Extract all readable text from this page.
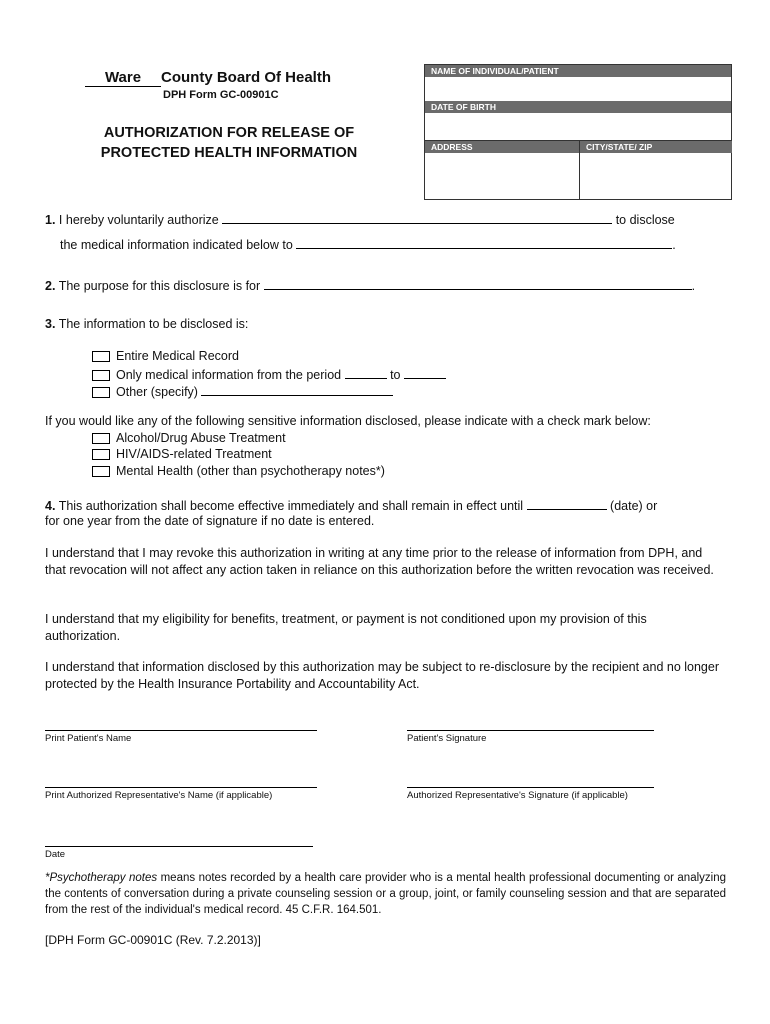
Ware County Board Of Health
DPH Form GC-00901C
AUTHORIZATION FOR RELEASE OF
PROTECTED HEALTH INFORMATION
NAME OF INDIVIDUAL/PATIENT
DATE OF BIRTH
ADDRESS	CITY/STATE/ ZIP
1. I hereby voluntarily authorize	to disclose
the medical information indicated below to	.
2. The purpose for this disclosure is for	.
3. The information to be disclosed is:
Entire Medical Record
Only medical information from the period	to
Other (specify)
If you would like any of the following sensitive information disclosed, please indicate with a check mark below:
Alcohol/Drug Abuse Treatment
HIV/AIDS-related Treatment
Mental Health (other than psychotherapy notes*)
4. This authorization shall become effective immediately and shall remain in effect until	(date) or
for one year from the date of signature if no date is entered.
I understand that I may revoke this authorization in writing at any time prior to the release of information from DPH, and that revocation will not affect any action taken in reliance on this authorization before the written revocation was received.
I understand that my eligibility for benefits, treatment, or payment is not conditioned upon my provision of this authorization.
I understand that information disclosed by this authorization may be subject to re-disclosure by the recipient and no longer protected by the Health Insurance Portability and Accountability Act.
Print Patient's Name	Patient's Signature
Print Authorized Representative's Name (if applicable)	Authorized Representative's Signature (if applicable)
Date
*Psychotherapy notes means notes recorded by a health care provider who is a mental health professional documenting or analyzing the contents of conversation during a private counseling session or a group, joint, or family counseling session and that are separated from the rest of the individual's medical record. 45 C.F.R. 164.501.
[DPH Form GC-00901C (Rev. 7.2.2013)]
